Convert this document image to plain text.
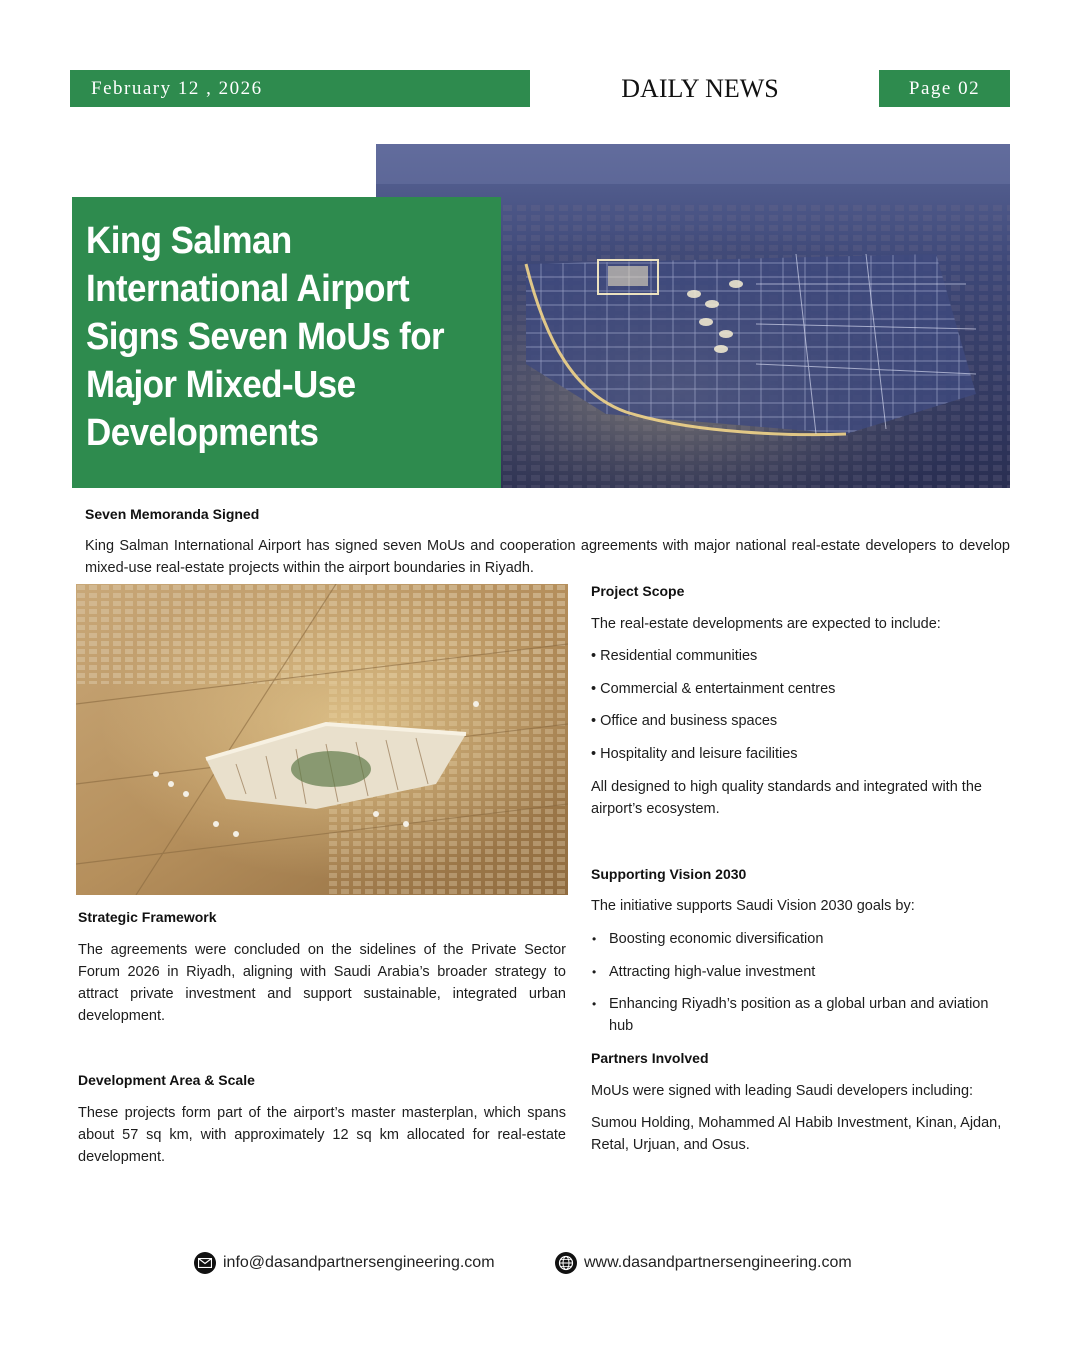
February 12 , 2026	DAILY NEWS	Page 02
King Salman International Airport Signs Seven MoUs for Major Mixed-Use Developments
Seven Memoranda Signed

King Salman International Airport has signed seven MoUs and cooperation agreements with major national real-estate developers to develop mixed-use real-estate projects within the airport boundaries in Riyadh.

Strategic Framework

The agreements were concluded on the sidelines of the Private Sector Forum 2026 in Riyadh, aligning with Saudi Arabia’s broader strategy to attract private investment and support sustainable, integrated urban development.

Development Area & Scale

These projects form part of the airport’s master masterplan, which spans about 57 sq km, with approximately 12 sq km allocated for real-estate development.

Project Scope

The real-estate developments are expected to include:

• Residential communities
• Commercial & entertainment centres
• Office and business spaces
• Hospitality and leisure facilities

All designed to high quality standards and integrated with the airport’s ecosystem.

Supporting Vision 2030

The initiative supports Saudi Vision 2030 goals by:

• Boosting economic diversification
• Attracting high-value investment
• Enhancing Riyadh’s position as a global urban and aviation hub
Partners Involved

MoUs were signed with leading Saudi developers including:

Sumou Holding, Mohammed Al Habib Investment, Kinan, Ajdan, Retal, Urjuan, and Osus.

info@dasandpartnersengineering.com	www.dasandpartnersengineering.com
